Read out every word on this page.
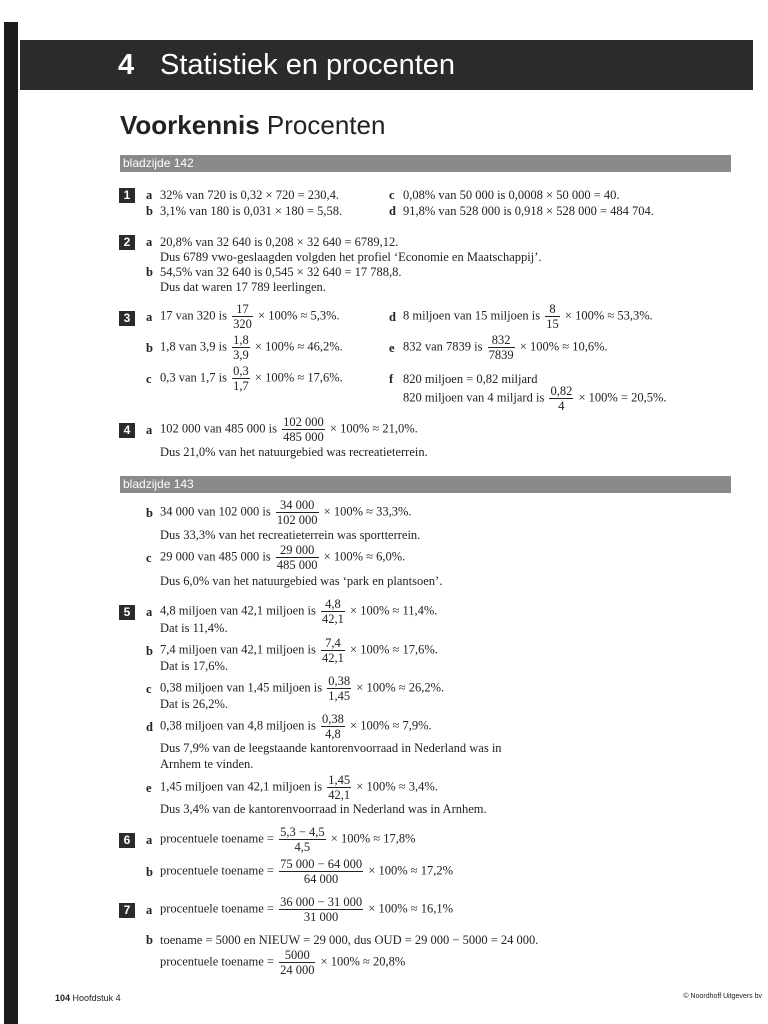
4 Statistiek en procenten
Voorkennis Procenten
bladzijde 142
1	a 32% van 720 is 0,32 × 720 = 230,4.
b 3,1% van 180 is 0,031 × 180 = 5,58.
c 0,08% van 50 000 is 0,0008 × 50 000 = 40.
d 91,8% van 528 000 is 0,918 × 528 000 = 484 704.
2	a 20,8% van 32 640 is 0,208 × 32 640 = 6789,12.
Dus 6789 vwo-geslaagden volgden het profiel ‘Economie en Maatschappij’.
b 54,5% van 32 640 is 0,545 × 32 640 = 17 788,8.
Dus dat waren 17 789 leerlingen.
3	a 17 van 320 is $\frac{17}{320} \times 100\% \approx 5,3\%$.
b 1,8 van 3,9 is $\frac{1,8}{3,9} \times 100\% \approx 46,2\%$.
c 0,3 van 1,7 is $\frac{0,3}{1,7} \times 100\% \approx 17,6\%$.
d 8 miljoen van 15 miljoen is $\frac{8}{15} \times 100\% \approx 53,3\%$.
e 832 van 7839 is $\frac{832}{7839} \times 100\% \approx 10,6\%$.
f 820 miljoen = 0,82 miljard
820 miljoen van 4 miljard is $\frac{0,82}{4} \times 100\% = 20,5\%$.
4	a 102 000 van 485 000 is $\frac{102 000}{485 000} \times 100\% \approx 21,0\%$.
Dus 21,0% van het natuurgebied was recreatieterrein.
bladzijde 143
b 34 000 van 102 000 is $\frac{34 000}{102 000} \times 100\% \approx 33,3\%$.
Dus 33,3% van het recreatieterrein was sportterrein.
c 29 000 van 485 000 is $\frac{29 000}{485 000} \times 100\% \approx 6,0\%$.
Dus 6,0% van het natuurgebied was ‘park en plantsoen’.
5	a 4,8 miljoen van 42,1 miljoen is $\frac{4,8}{42,1} \times 100\% \approx 11,4\%$.
Dat is 11,4%.
b 7,4 miljoen van 42,1 miljoen is $\frac{7,4}{42,1} \times 100\% \approx 17,6\%$.
Dat is 17,6%.
c 0,38 miljoen van 1,45 miljoen is $\frac{0,38}{1,45} \times 100\% \approx 26,2\%$.
Dat is 26,2%.
d 0,38 miljoen van 4,8 miljoen is $\frac{0,38}{4,8} \times 100\% \approx 7,9\%$.
Dus 7,9% van de leegstaande kantorenvoorraad in Nederland was in
Arnhem te vinden.
e 1,45 miljoen van 42,1 miljoen is $\frac{1,45}{42,1} \times 100\% \approx 3,4\%$.
Dus 3,4% van de kantorenvoorraad in Nederland was in Arnhem.
6	a procentuele toename = $\frac{5,3 - 4,5}{4,5} \times 100\% \approx 17,8\%$
b procentuele toename = $\frac{75 000 - 64 000}{64 000} \times 100\% \approx 17,2\%$
7	a procentuele toename = $\frac{36 000 - 31 000}{31 000} \times 100\% \approx 16,1\%$
b toename = 5000 en NIEUW = 29 000, dus OUD = 29 000 − 5000 = 24 000.
procentuele toename = $\frac{5000}{24 000} \times 100\% \approx 20,8\%$
104 Hoofdstuk 4	© Noordhoff Uitgevers bv
